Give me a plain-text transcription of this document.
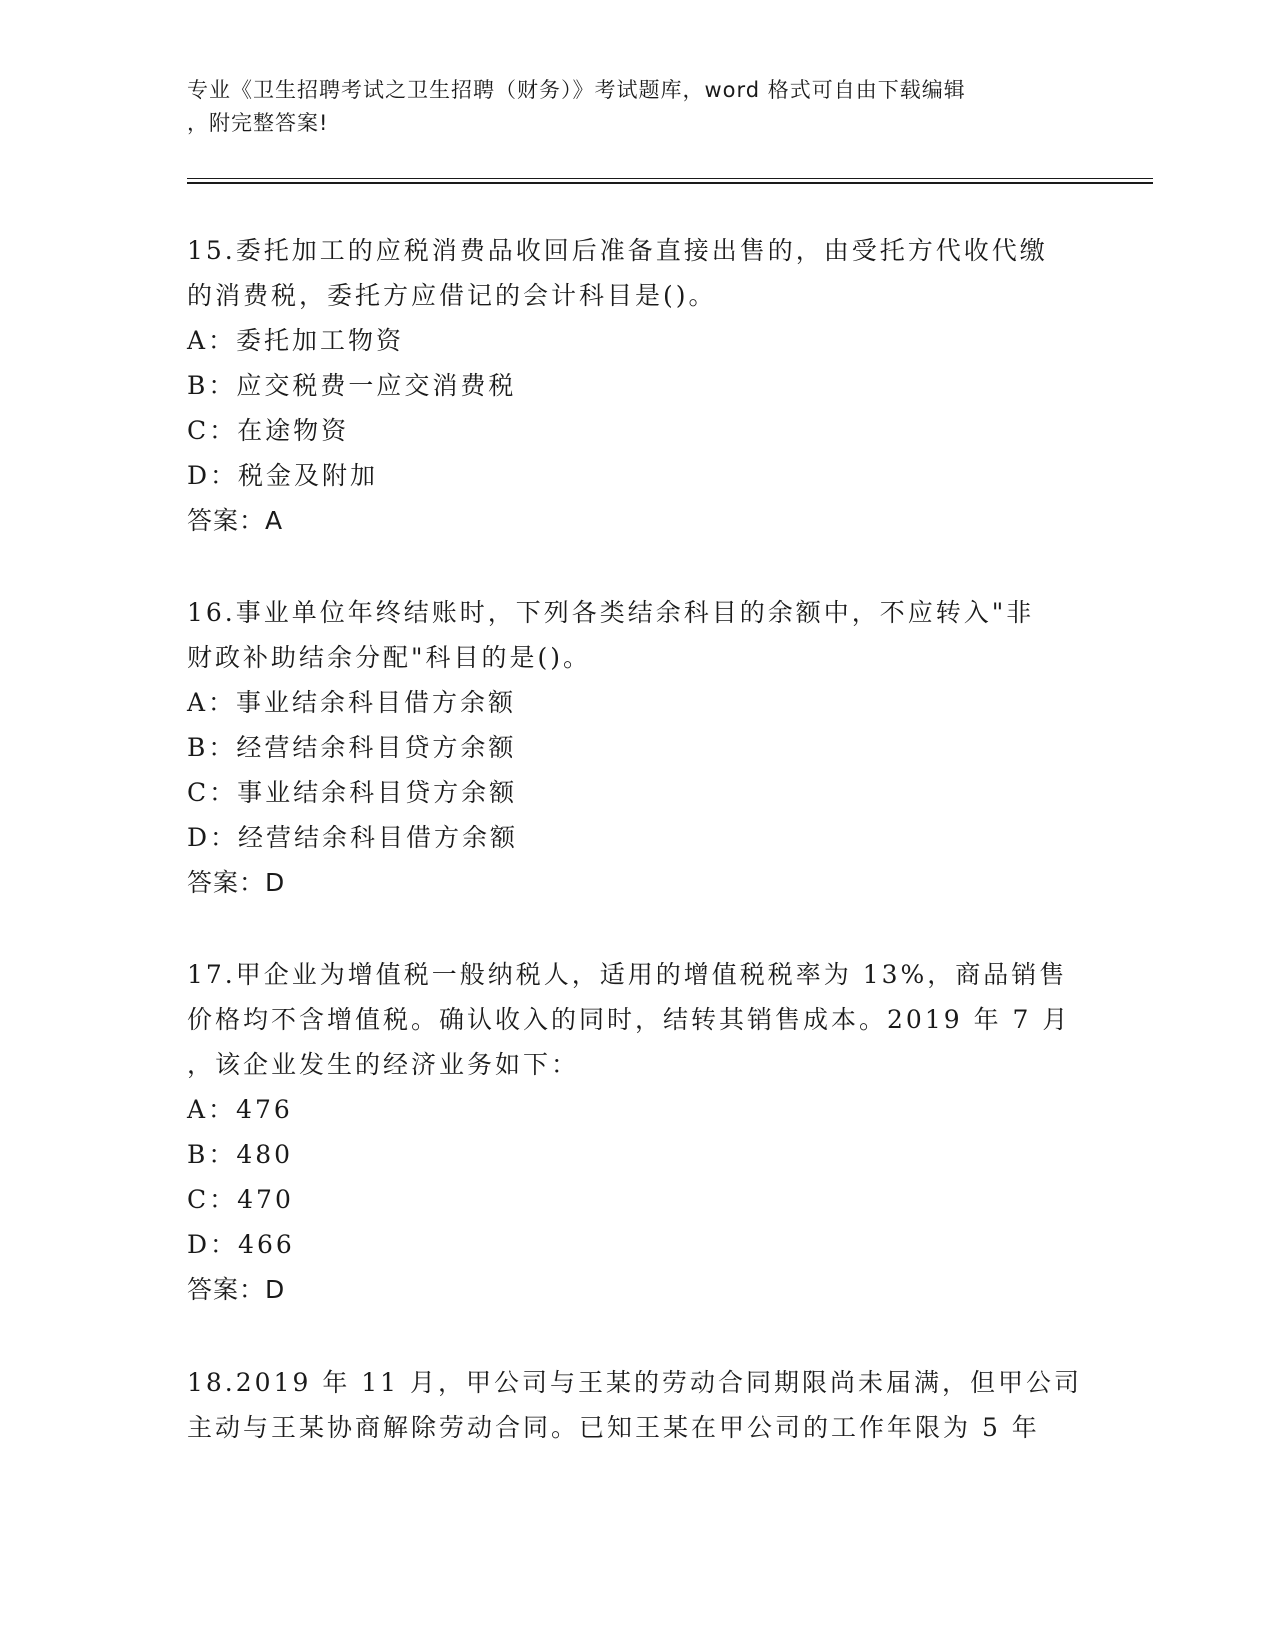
专业《卫生招聘考试之卫生招聘（财务）》考试题库，word 格式可自由下载编辑
，附完整答案!
15.委托加工的应税消费品收回后准备直接出售的，由受托方代收代缴
的消费税，委托方应借记的会计科目是()。
A：委托加工物资
B：应交税费一应交消费税
C：在途物资
D：税金及附加
答案：A
16.事业单位年终结账时，下列各类结余科目的余额中，不应转入"非
财政补助结余分配"科目的是()。
A：事业结余科目借方余额
B：经营结余科目贷方余额
C：事业结余科目贷方余额
D：经营结余科目借方余额
答案：D
17.甲企业为增值税一般纳税人，适用的增值税税率为 13%，商品销售
价格均不含增值税。确认收入的同时，结转其销售成本。2019 年 7 月
，该企业发生的经济业务如下：
A：476
B：480
C：470
D：466
答案：D
18.2019 年 11 月，甲公司与王某的劳动合同期限尚未届满，但甲公司
主动与王某协商解除劳动合同。已知王某在甲公司的工作年限为 5 年
